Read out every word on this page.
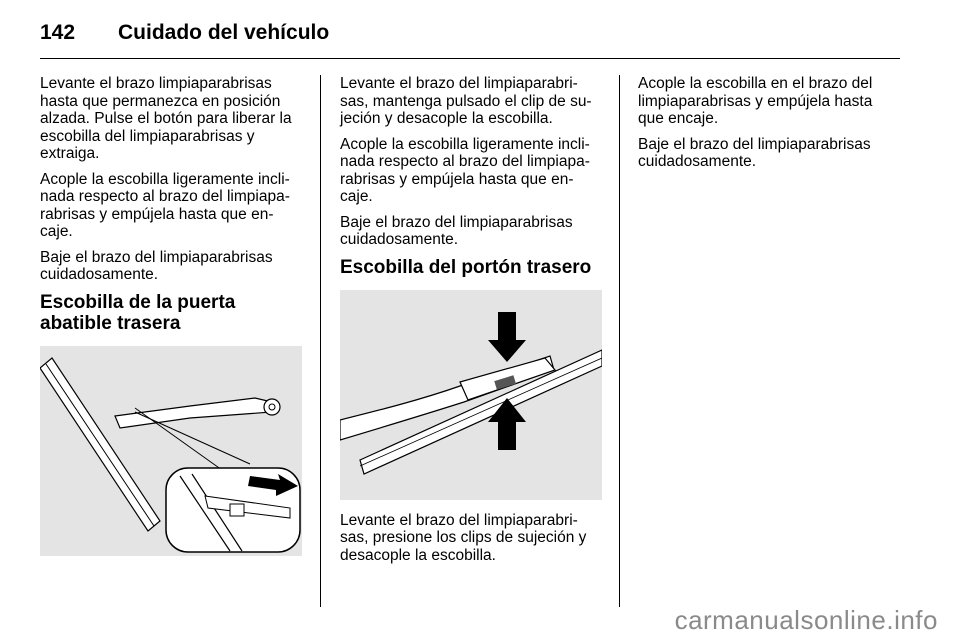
142 Cuidado del vehículo

Levante el brazo limpiaparabrisas hasta que permanezca en posición alzada. Pulse el botón para liberar la escobilla del limpiaparabrisas y extraiga.

Acople la escobilla ligeramente incli-nada respecto al brazo del limpiapa-rabrisas y empújela hasta que en-caje.

Baje el brazo del limpiaparabrisas cuidadosamente.

Escobilla de la puerta abatible trasera

Levante el brazo del limpiaparabri-sas, mantenga pulsado el clip de su-jeción y desacople la escobilla.

Acople la escobilla ligeramente incli-nada respecto al brazo del limpiapa-rabrisas y empújela hasta que en-caje.

Baje el brazo del limpiaparabrisas cuidadosamente.

Escobilla del portón trasero

Levante el brazo del limpiaparabri-sas, presione los clips de sujeción y desacople la escobilla.

Acople la escobilla en el brazo del limpiaparabrisas y empújela hasta que encaje.

Baje el brazo del limpiaparabrisas cuidadosamente.

carmanualsonline.info
